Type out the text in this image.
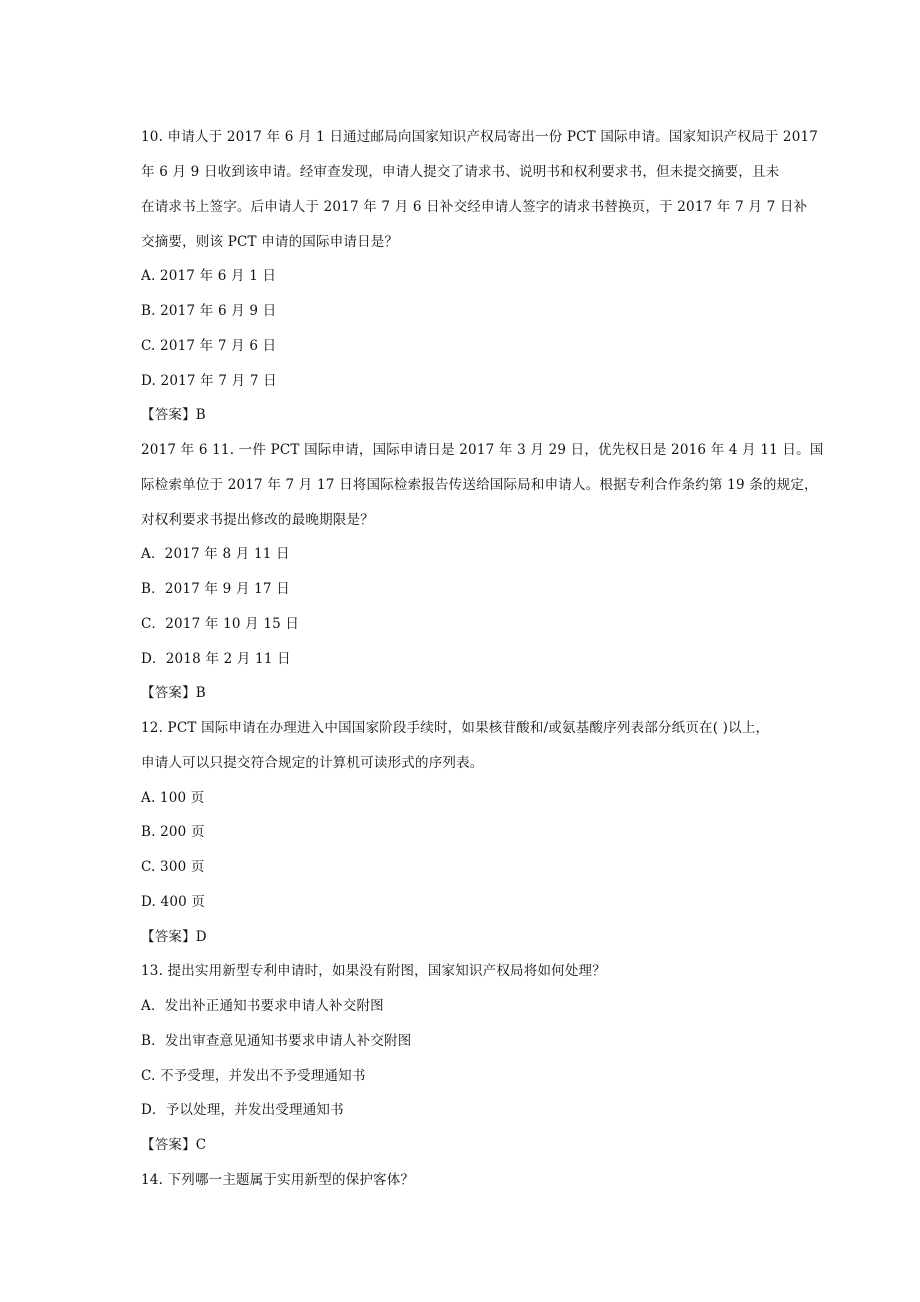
10. 申请人于 2017 年 6 月 1 日通过邮局向国家知识产权局寄出一份 PCT 国际申请。国家知识产权局于 2017
年 6 月 9 日收到该申请。经审查发现，申请人提交了请求书、说明书和权利要求书，但未提交摘要，且未
在请求书上签字。后申请人于 2017 年 7 月 6 日补交经申请人签字的请求书替换页，于 2017 年 7 月 7 日补
交摘要，则该 PCT 申请的国际申请日是？
A. 2017 年 6 月 1 日
B. 2017 年 6 月 9 日
C. 2017 年 7 月 6 日
D. 2017 年 7 月 7 日
【答案】B
2017 年 6 11. 一件 PCT 国际申请，国际申请日是 2017 年 3 月 29 日，优先权日是 2016 年 4 月 11 日。国
际检索单位于 2017 年 7 月 17 日将国际检索报告传送给国际局和申请人。根据专利合作条约第 19 条的规定，
对权利要求书提出修改的最晚期限是？
A．2017 年 8 月 11 日
B．2017 年 9 月 17 日
C．2017 年 10 月 15 日
D．2018 年 2 月 11 日
【答案】B
12. PCT 国际申请在办理进入中国国家阶段手续时，如果核苷酸和/或氨基酸序列表部分纸页在( )以上，
申请人可以只提交符合规定的计算机可读形式的序列表。
A. 100 页
B. 200 页
C. 300 页
D. 400 页
【答案】D
13. 提出实用新型专利申请时，如果没有附图，国家知识产权局将如何处理？
A．发出补正通知书要求申请人补交附图
B．发出审查意见通知书要求申请人补交附图
C. 不予受理，并发出不予受理通知书
D．予以处理，并发出受理通知书
【答案】C
14. 下列哪一主题属于实用新型的保护客体？
